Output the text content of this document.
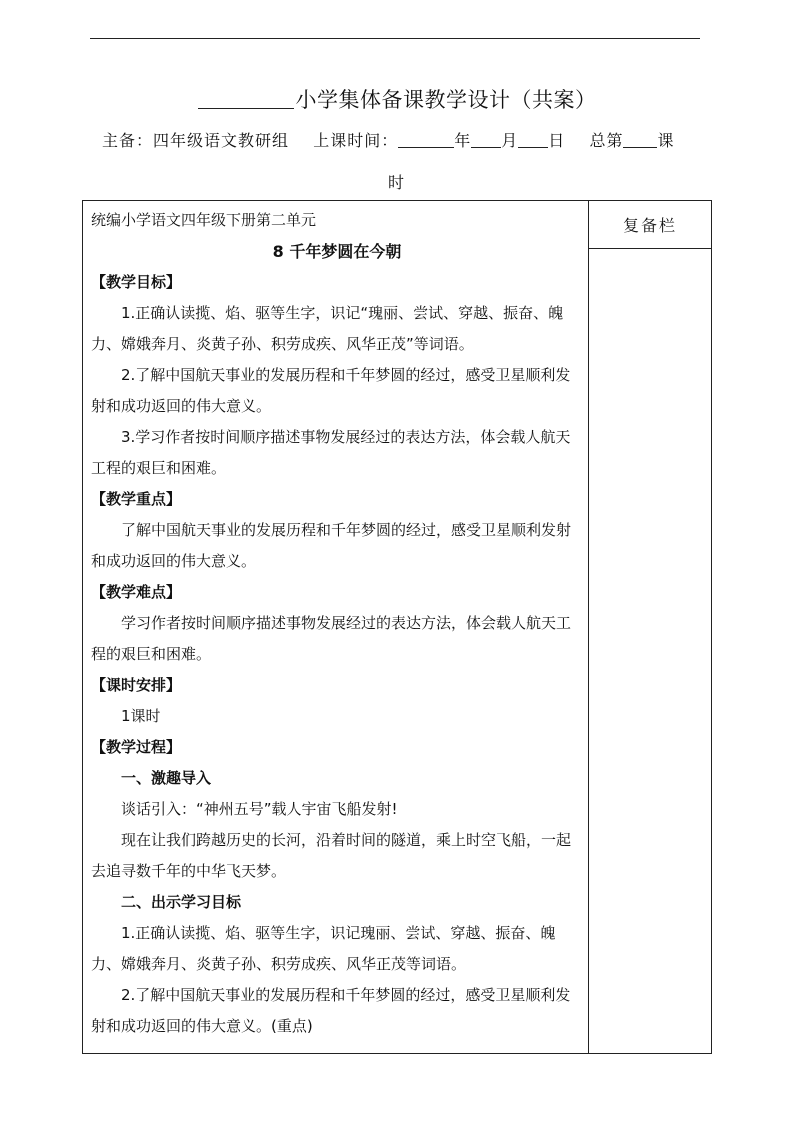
小学集体备课教学设计（共案）
主备：四年级语文教研组 上课时间：	年 月 日 总第 课
时
复备栏

统编小学语文四年级下册第二单元

8 千年梦圆在今朝

【教学目标】

1.正确认读揽、焰、驱等生字，识记“瑰丽、尝试、穿越、振奋、魄力、嫦娥奔月、炎黄子孙、积劳成疾、风华正茂”等词语。

2.了解中国航天事业的发展历程和千年梦圆的经过，感受卫星顺利发射和成功返回的伟大意义。

3.学习作者按时间顺序描述事物发展经过的表达方法，体会载人航天工程的艰巨和困难。

【教学重点】

了解中国航天事业的发展历程和千年梦圆的经过，感受卫星顺利发射和成功返回的伟大意义。

【教学难点】

学习作者按时间顺序描述事物发展经过的表达方法，体会载人航天工程的艰巨和困难。

【课时安排】

1课时

【教学过程】

一、激趣导入

谈话引入：“神州五号”载人宇宙飞船发射!

现在让我们跨越历史的长河，沿着时间的隧道，乘上时空飞船，一起去追寻数千年的中华飞天梦。

二、出示学习目标

1.正确认读揽、焰、驱等生字，识记瑰丽、尝试、穿越、振奋、魄力、嫦娥奔月、炎黄子孙、积劳成疾、风华正茂等词语。

2.了解中国航天事业的发展历程和千年梦圆的经过，感受卫星顺利发射和成功返回的伟大意义。(重点)
